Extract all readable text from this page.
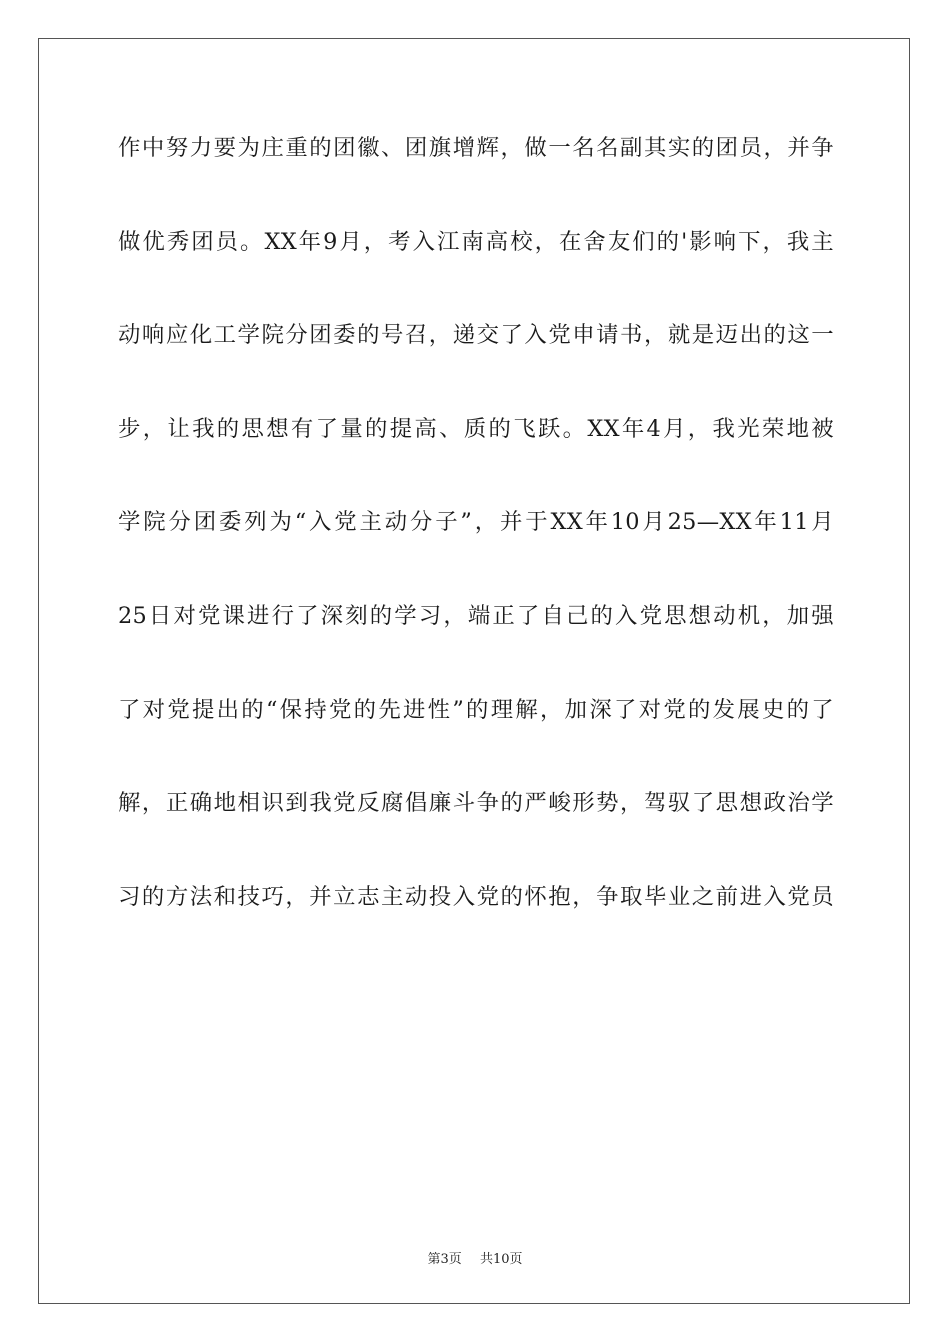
作中努力要为庄重的团徽、团旗增辉，做一名名副其实的团员，并争

做优秀团员。XX年9月，考入江南高校，在舍友们的'影响下，我主

动响应化工学院分团委的号召，递交了入党申请书，就是迈出的这一

步，让我的思想有了量的提高、质的飞跃。XX年4月，我光荣地被

学院分团委列为“入党主动分子”，并于XX年10月25—XX年11月

25日对党课进行了深刻的学习，端正了自己的入党思想动机，加强

了对党提出的“保持党的先进性”的理解，加深了对党的发展史的了

解，正确地相识到我党反腐倡廉斗争的严峻形势，驾驭了思想政治学

习的方法和技巧，并立志主动投入党的怀抱，争取毕业之前进入党员

第3页 共10页
